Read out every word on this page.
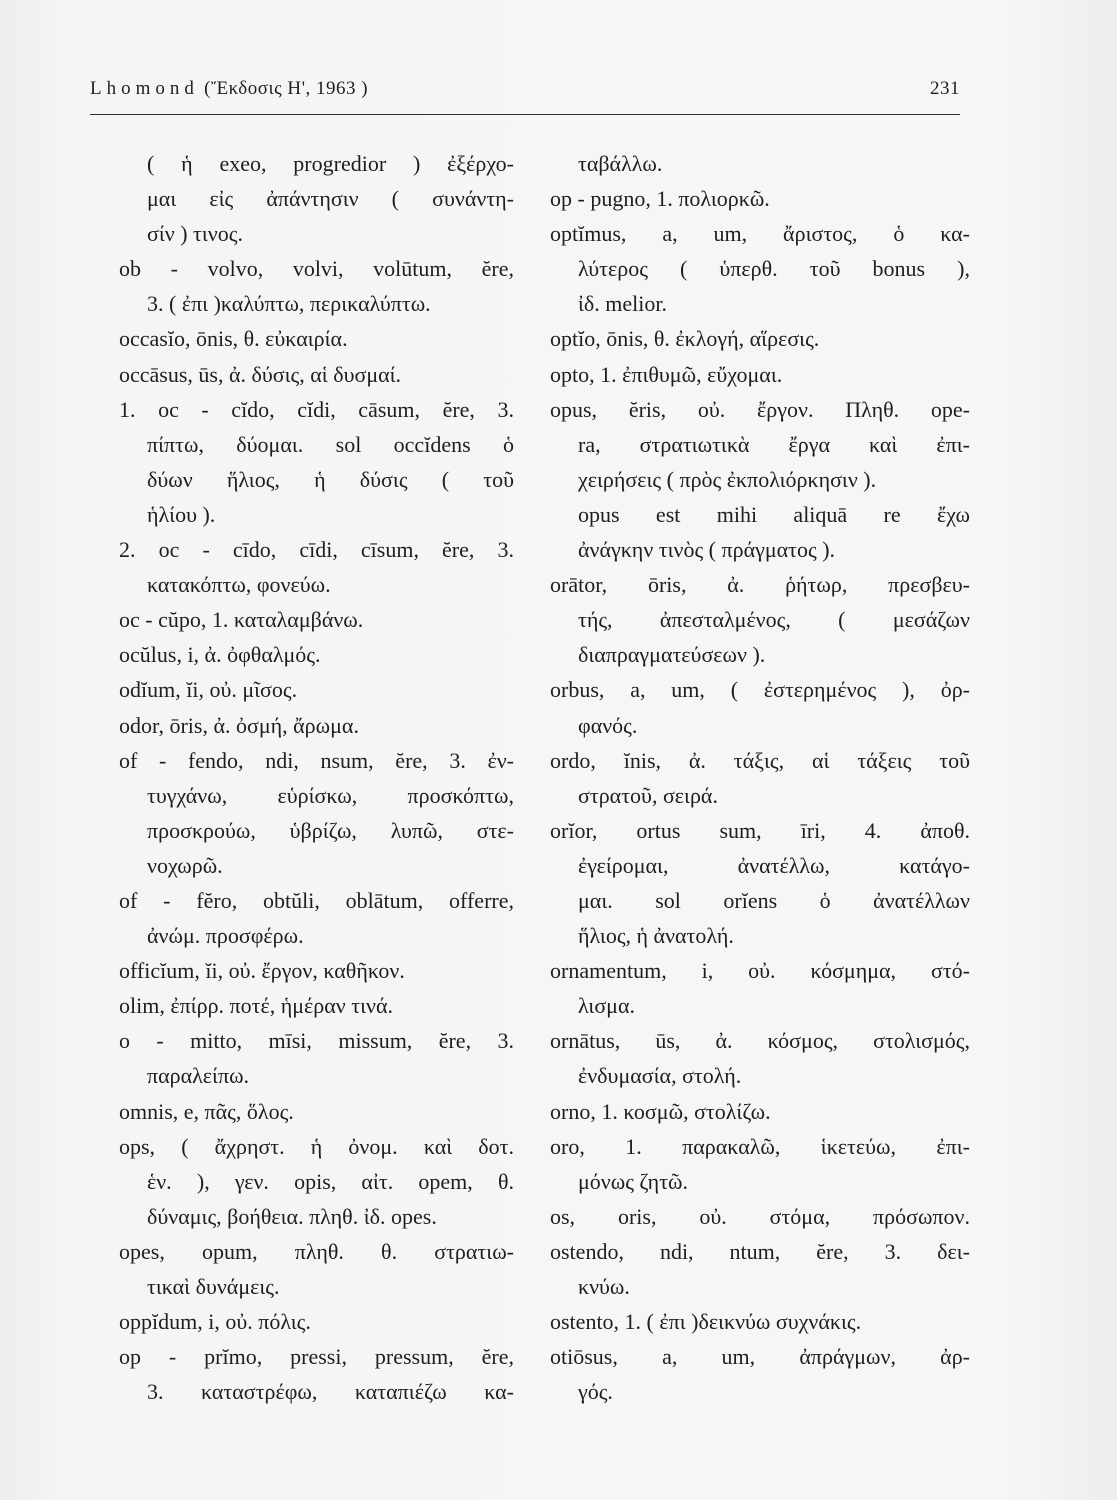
Lhomond (Ἔκδοσις Η', 1963 )	231
( ἡ exeo, progredior ) ἐξέρχο-
μαι εἰς ἀπάντησιν ( συνάντη-
σίν ) τινος.
ob - volvo, volvi, volūtum, ĕre,
3. ( ἐπι )καλύπτω, περικαλύπτω.
occasĭo, ōnis, θ. εὐκαιρία.
occāsus, ūs, ἀ. δύσις, αἱ δυσμαί.
1. oc - cĭdo, cĭdi, cāsum, ĕre, 3.
πίπτω, δύομαι. sol occĭdens ὁ
δύων ἥλιος, ἡ δύσις ( τοῦ
ἡλίου ).
2. oc - cīdo, cīdi, cīsum, ĕre, 3.
κατακόπτω, φονεύω.
oc - cŭpo, 1. καταλαμβάνω.
ocŭlus, i, ἀ. ὀφθαλμός.
odĭum, ĭi, οὐ. μῖσος.
odor, ōris, ἀ. ὀσμή, ἄρωμα.
of - fendo, ndi, nsum, ĕre, 3. ἐν-
τυγχάνω, εὑρίσκω, προσκόπτω,
προσκρούω, ὑβρίζω, λυπῶ, στε-
νοχωρῶ.
of - fĕro, obtŭli, oblātum, offerre,
ἀνώμ. προσφέρω.
officĭum, ĭi, οὐ. ἔργον, καθῆκον.
olim, ἐπίρρ. ποτέ, ἡμέραν τινά.
o - mitto, mīsi, missum, ĕre, 3.
παραλείπω.
omnis, e, πᾶς, ὅλος.
ops, ( ἄχρηστ. ἡ ὀνομ. καὶ δοτ.
ἑν. ), γεν. opis, αἰτ. opem, θ.
δύναμις, βοήθεια. πληθ. ἰδ. opes.
opes, opum, πληθ. θ. στρατιω-
τικαὶ δυνάμεις.
oppĭdum, i, οὐ. πόλις.
op - prĭmo, pressi, pressum, ĕre,
3. καταστρέφω, καταπιέζω κα-
ταβάλλω.
op - pugno, 1. πολιορκῶ.
optĭmus, a, um, ἄριστος, ὁ κα-
λύτερος ( ὑπερθ. τοῦ bonus ),
ἰδ. melior.
optĭo, ōnis, θ. ἐκλογή, αἵρεσις.
opto, 1. ἐπιθυμῶ, εὔχομαι.
opus, ĕris, οὐ. ἔργον. Πληθ. ope-
ra, στρατιωτικὰ ἔργα καὶ ἐπι-
χειρήσεις ( πρὸς ἐκπολιόρκησιν ).
opus est mihi aliquā re ἔχω
ἀνάγκην τινὸς ( πράγματος ).
orātor, ōris, ἀ. ῥήτωρ, πρεσβευ-
τής, ἀπεσταλμένος, ( μεσάζων
διαπραγματεύσεων ).
orbus, a, um, ( ἐστερημένος ), ὀρ-
φανός.
ordo, ĭnis, ἀ. τάξις, αἱ τάξεις τοῦ
στρατοῦ, σειρά.
orĭor, ortus sum, īri, 4. ἀποθ.
ἐγείρομαι, ἀνατέλλω, κατάγο-
μαι. sol orĭens ὁ ἀνατέλλων
ἥλιος, ἡ ἀνατολή.
ornamentum, i, οὐ. κόσμημα, στό-
λισμα.
ornātus, ūs, ἀ. κόσμος, στολισμός,
ἐνδυμασία, στολή.
orno, 1. κοσμῶ, στολίζω.
oro, 1. παρακαλῶ, ἱκετεύω, ἐπι-
μόνως ζητῶ.
os, oris, οὐ. στόμα, πρόσωπον.
ostendo, ndi, ntum, ĕre, 3. δει-
κνύω.
ostento, 1. ( ἐπι )δεικνύω συχνάκις.
otiōsus, a, um, ἀπράγμων, ἀρ-
γός.
